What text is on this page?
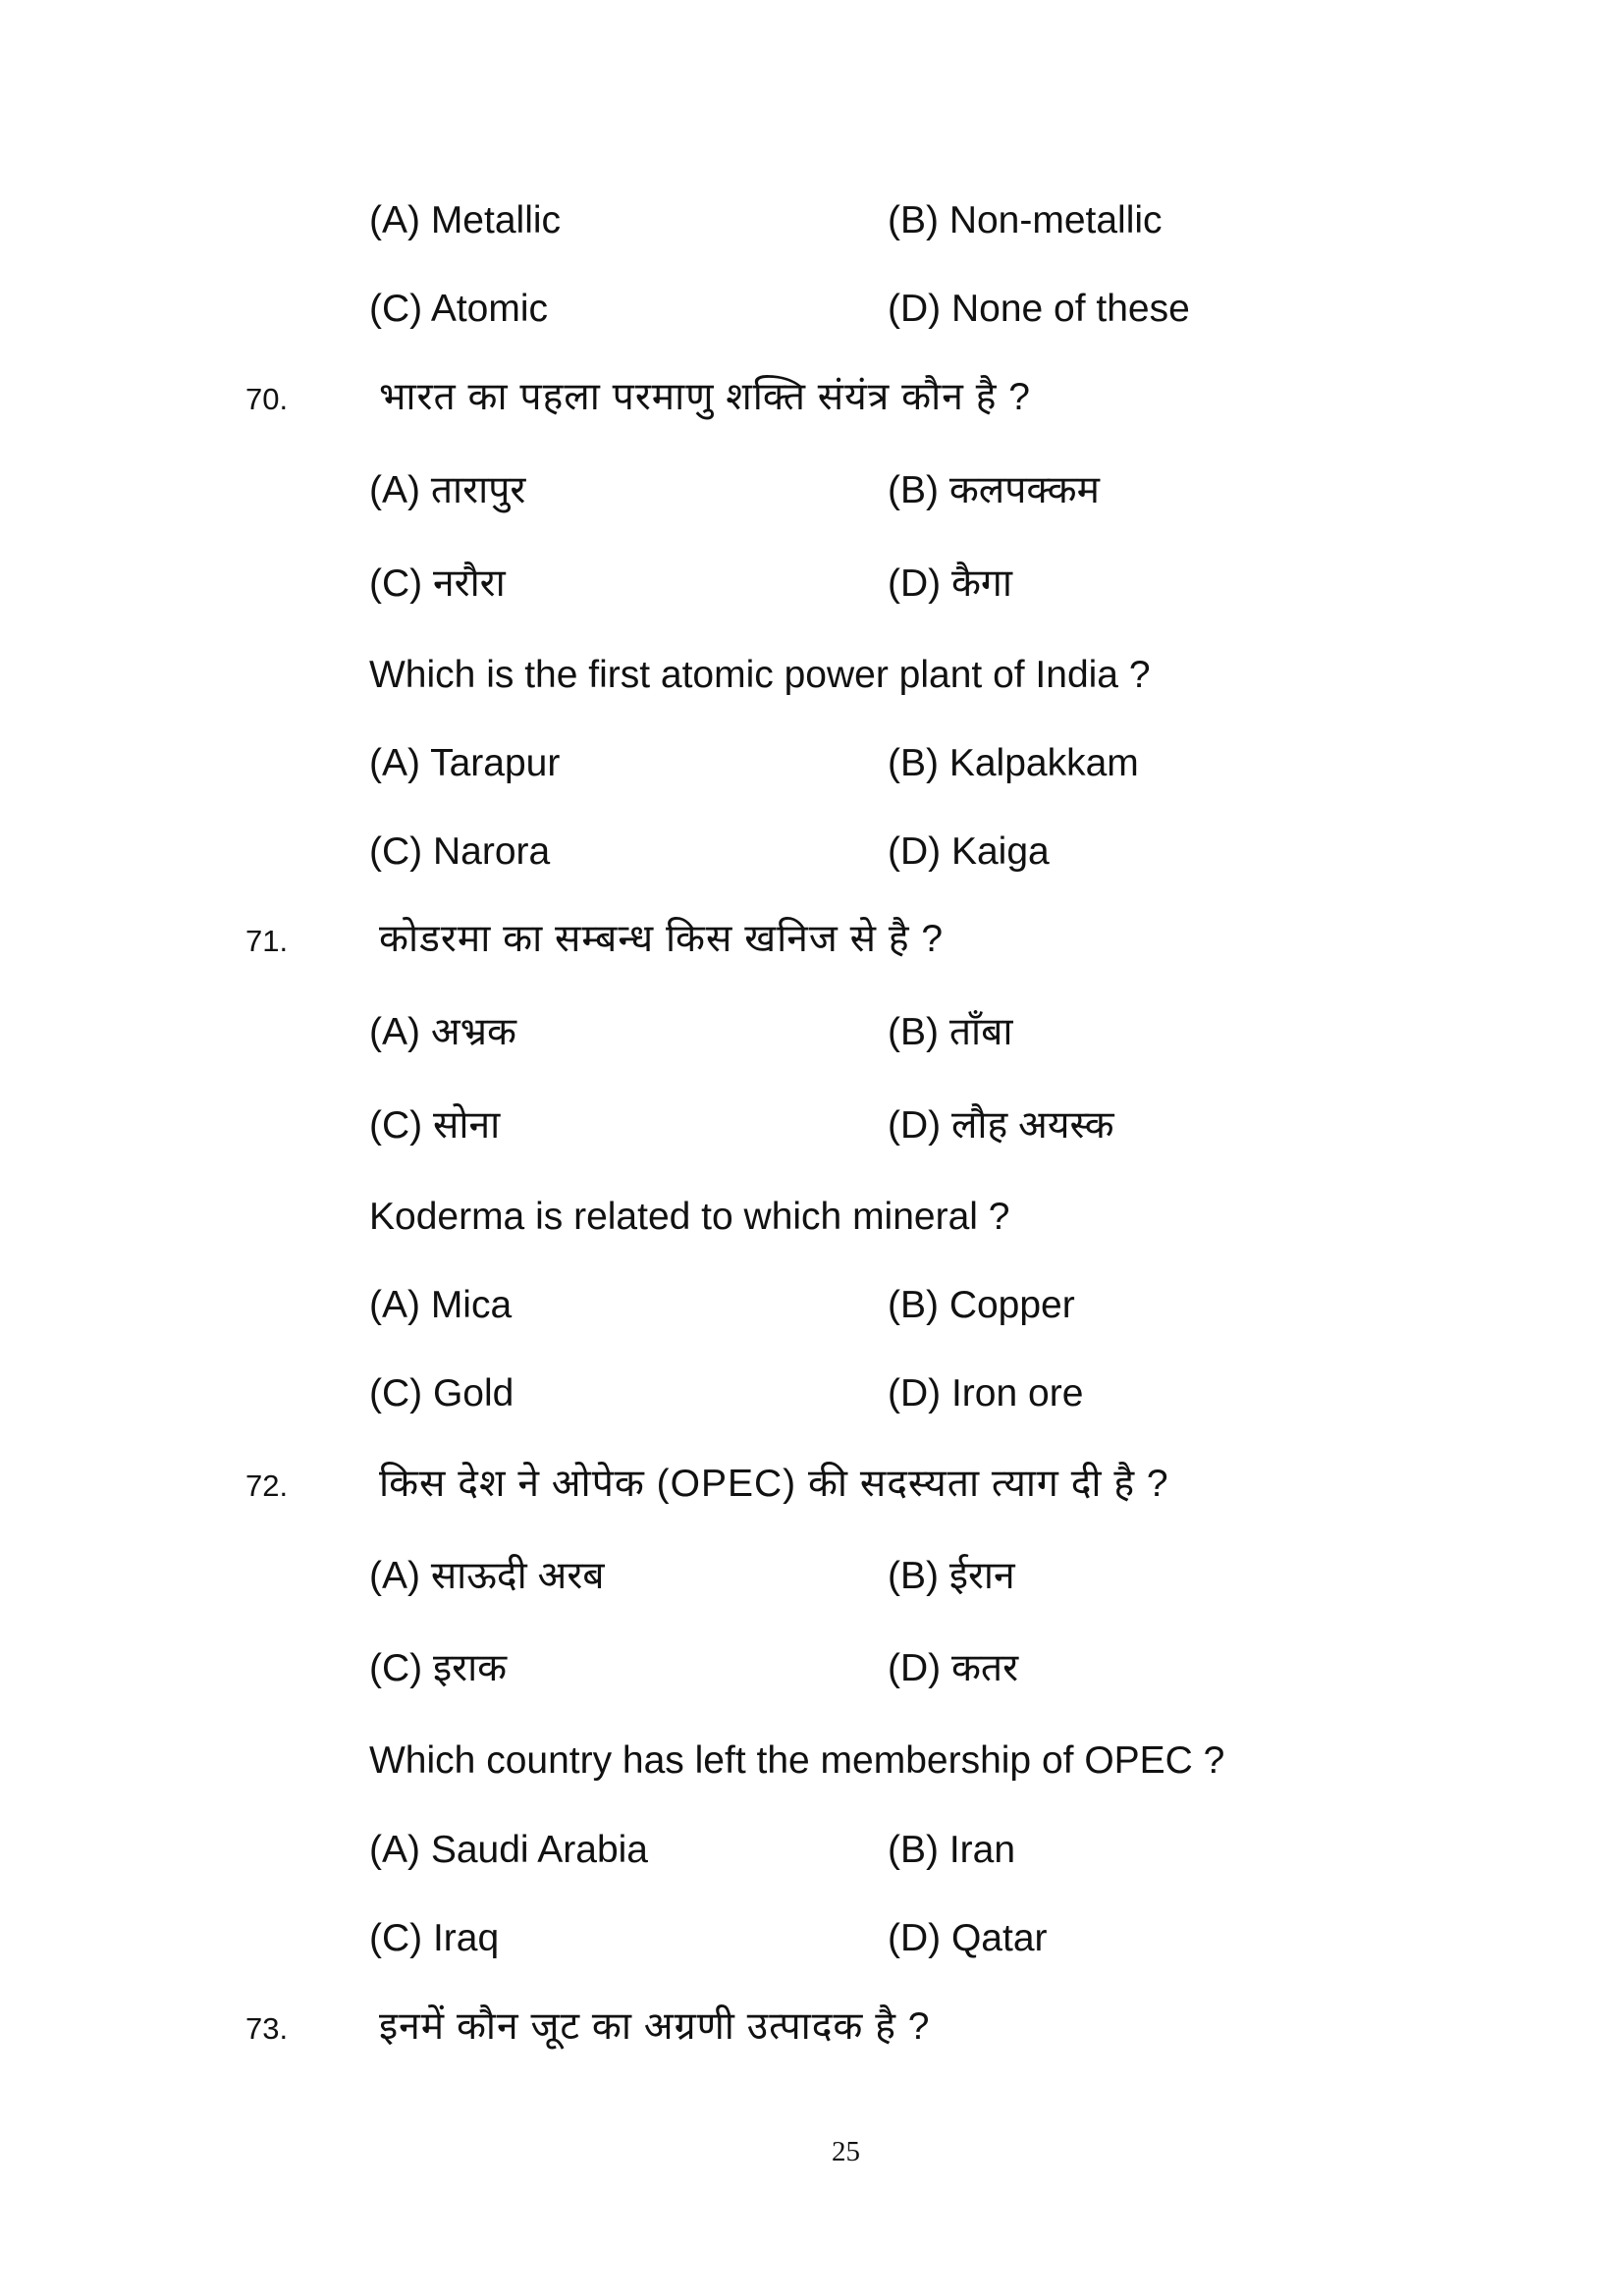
(A) Metallic	(B) Non-metallic
(C) Atomic	(D) None of these
70. भारत का पहला परमाणु शक्ति संयंत्र कौन है ?
(A) तारापुर	(B) कलपक्कम
(C) नरौरा	(D) कैगा
Which is the first atomic power plant of India ?
(A) Tarapur	(B) Kalpakkam
(C) Narora	(D) Kaiga
71. कोडरमा का सम्बन्ध किस खनिज से है ?
(A) अभ्रक	(B) ताँबा
(C) सोना	(D) लौह अयस्क
Koderma is related to which mineral ?
(A) Mica	(B) Copper
(C) Gold	(D) Iron ore
72. किस देश ने ओपेक (OPEC) की सदस्यता त्याग दी है ?
(A) साऊदी अरब	(B) ईरान
(C) इराक	(D) कतर
Which country has left the membership of OPEC ?
(A) Saudi Arabia	(B) Iran
(C) Iraq	(D) Qatar
73. इनमें कौन जूट का अग्रणी उत्पादक है ?
25
